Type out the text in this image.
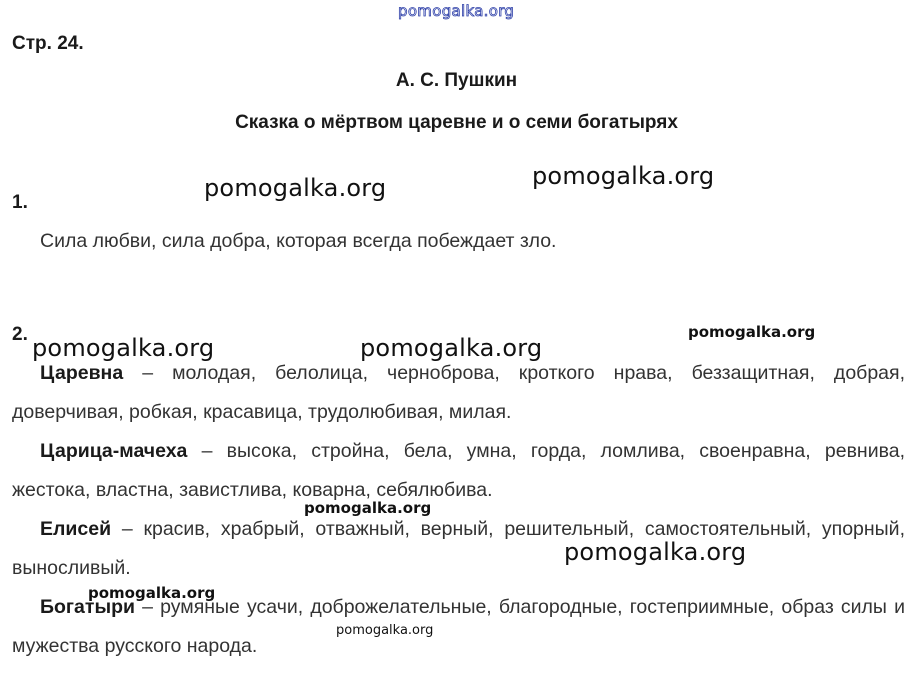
Стр. 24.
А. С. Пушкин
Сказка о мёртвом царевне и о семи богатырях
1.
Сила любви, сила добра, которая всегда побеждает зло.
2.

Царевна – молодая, белолица, черноброва, кроткого нрава, беззащитная, добрая, доверчивая, робкая, красавица, трудолюбивая, милая.

Царица-мачеха – высока, стройна, бела, умна, горда, ломлива, своенравна, ревнива, жестока, властна, завистлива, коварна, себялюбива.

Елисей – красив, храбрый, отважный, верный, решительный, самостоятельный, упорный, выносливый.

Богатыри – румяные усачи, доброжелательные, благородные, гостеприимные, образ силы и мужества русского народа.

pomogalka.org
pomogalka.org	pomogalka.org
pomogalka.org	pomogalka.org
pomogalka.org
pomogalka.org
pomogalka.org
pomogalka.org
pomogalka.org
